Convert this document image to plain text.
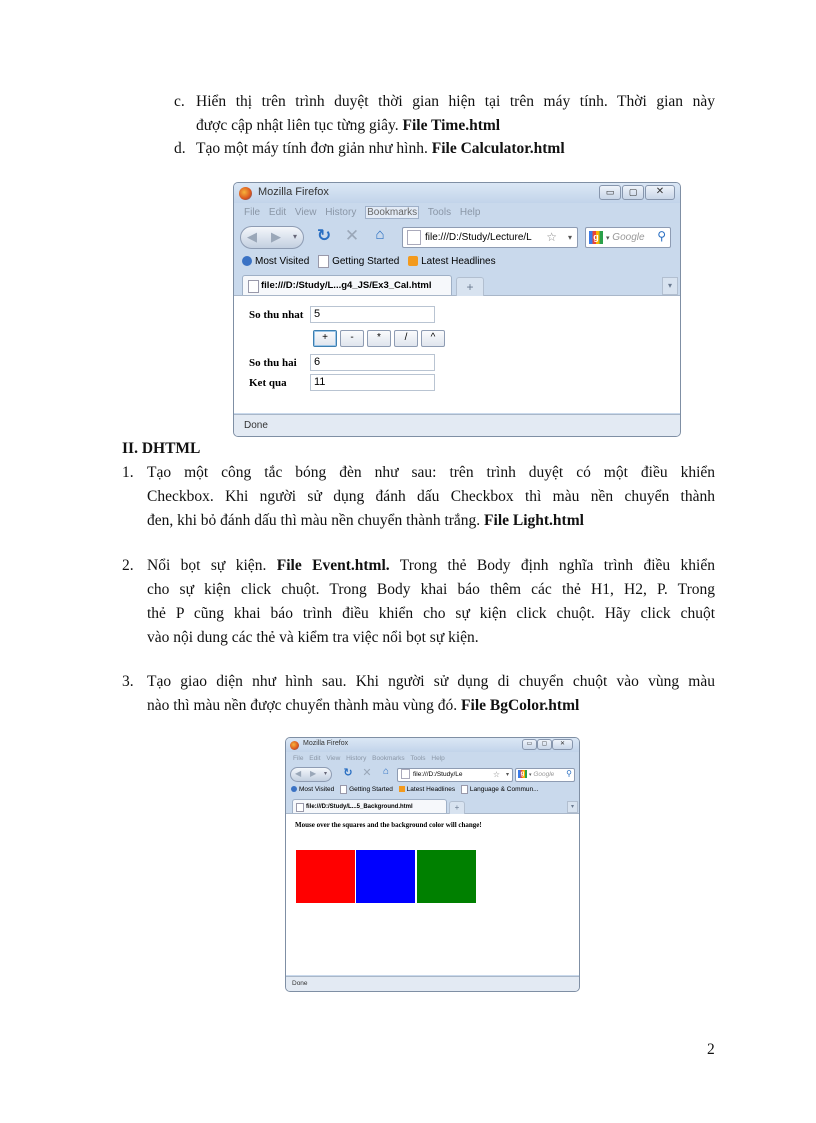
c. Hiển thị trên trình duyệt thời gian hiện tại trên máy tính. Thời gian này
được cập nhật liên tục từng giây. File Time.html
d. Tạo một máy tính đơn giản như hình. File Calculator.html
Mozilla Firefox	▭	▢	✕
File Edit View History Bookmarks Tools Help
◀ ▶ ▾ ↻ ✕	⌂	file:///D:/Study/Lecture/L ☆ ▾	g ▾ Google ⚲
Most Visited Getting Started Latest Headlines
file:///D:/Study/L...g4_JS/Ex3_Cal.html	+	▾
So thu nhat 5
+	-	*	/	^
So thu hai	6
Ket qua	11
Done
II. DHTML
1. Tạo một công tắc bóng đèn như sau: trên trình duyệt có một điều khiển
Checkbox. Khi người sử dụng đánh dấu Checkbox thì màu nền chuyển thành
đen, khi bỏ đánh dấu thì màu nền chuyển thành trắng. File Light.html
2. Nổi bọt sự kiện. File Event.html. Trong thẻ Body định nghĩa trình điều khiển
cho sự kiện click chuột. Trong Body khai báo thêm các thẻ H1, H2, P. Trong
thẻ P cũng khai báo trình điều khiển cho sự kiện click chuột. Hãy click chuột
vào nội dung các thẻ và kiểm tra việc nổi bọt sự kiện.
3. Tạo giao diện như hình sau. Khi người sử dụng di chuyển chuột vào vùng màu
nào thì màu nền được chuyển thành màu vùng đó. File BgColor.html
Mozilla Firefox	▭	▢	✕
File Edit View History Bookmarks Tools Help
◀ ▶ ▾ ↻ ✕	⌂	file:///D:/Study/Le	☆ ▾	g ▾ Google ⚲
Most Visited Getting Started Latest Headlines Language & Commun...
file:///D:/Study/L...5_Background.html	+	▾
Mouse over the squares and the background color will change!
Done
2
